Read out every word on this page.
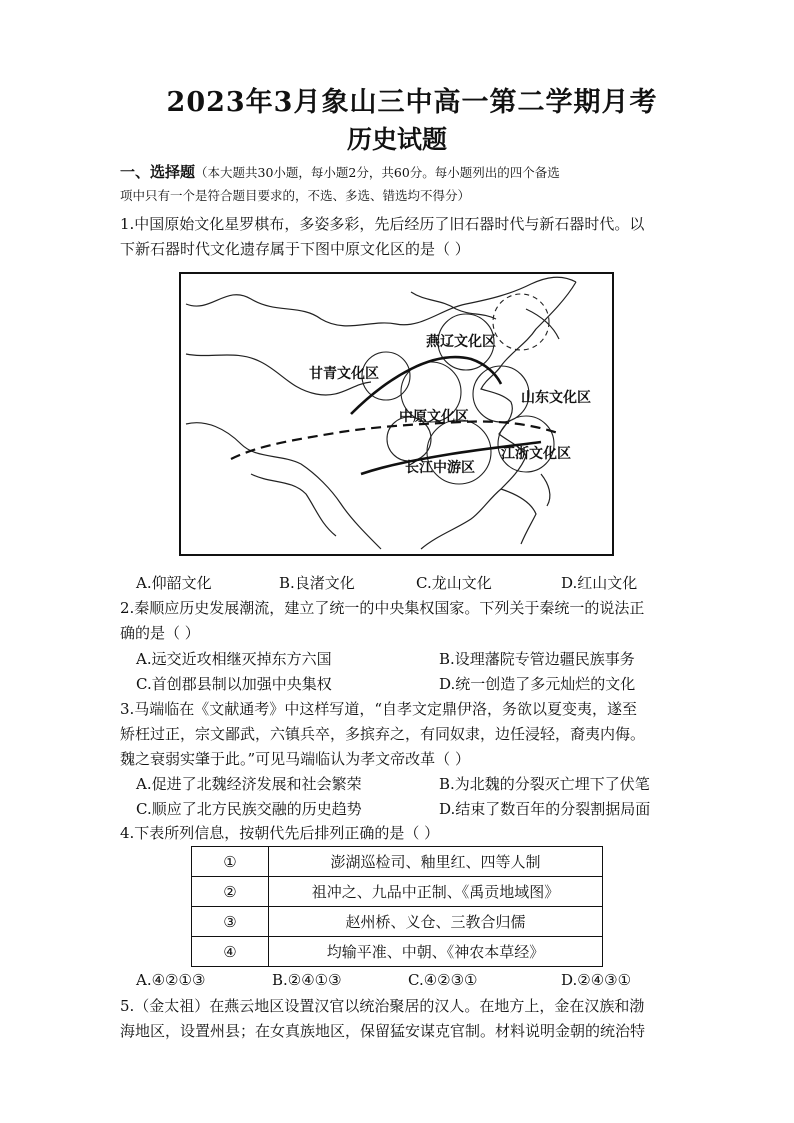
2023年3月象山三中高一第二学期月考
历史试题
一、选择题（本大题共30小题，每小题2分，共60分。每小题列出的四个备选
项中只有一个是符合题目要求的，不选、多选、错选均不得分）
1.中国原始文化星罗棋布，多姿多彩，先后经历了旧石器时代与新石器时代。以
下新石器时代文化遗存属于下图中原文化区的是（ ）
燕辽文化区
甘青文化区
山东文化区
中原文化区
长江中游区
江浙文化区
A.仰韶文化	B.良渚文化	C.龙山文化	D.红山文化
2.秦顺应历史发展潮流，建立了统一的中央集权国家。下列关于秦统一的说法正
确的是（ ）
A.远交近攻相继灭掉东方六国	B.设理藩院专管边疆民族事务
C.首创郡县制以加强中央集权	D.统一创造了多元灿烂的文化
3.马端临在《文献通考》中这样写道，“自孝文定鼎伊洛，务欲以夏变夷，遂至
矫枉过正，宗文鄙武，六镇兵卒，多摈弃之，有同奴隶，边任浸轻，裔夷内侮。
魏之衰弱实肇于此。”可见马端临认为孝文帝改革（ ）
A.促进了北魏经济发展和社会繁荣	B.为北魏的分裂灭亡埋下了伏笔
C.顺应了北方民族交融的历史趋势	D.结束了数百年的分裂割据局面
4.下表所列信息，按朝代先后排列正确的是（ ）
①	澎湖巡检司、釉里红、四等人制
②	祖冲之、九品中正制、《禹贡地域图》
③	赵州桥、义仓、三教合归儒
④	均输平准、中朝、《神农本草经》
A.④②①③	B.②④①③	C.④②③①	D.②④③①
5.（金太祖）在燕云地区设置汉官以统治聚居的汉人。在地方上，金在汉族和渤
海地区，设置州县；在女真族地区，保留猛安谋克官制。材料说明金朝的统治特
